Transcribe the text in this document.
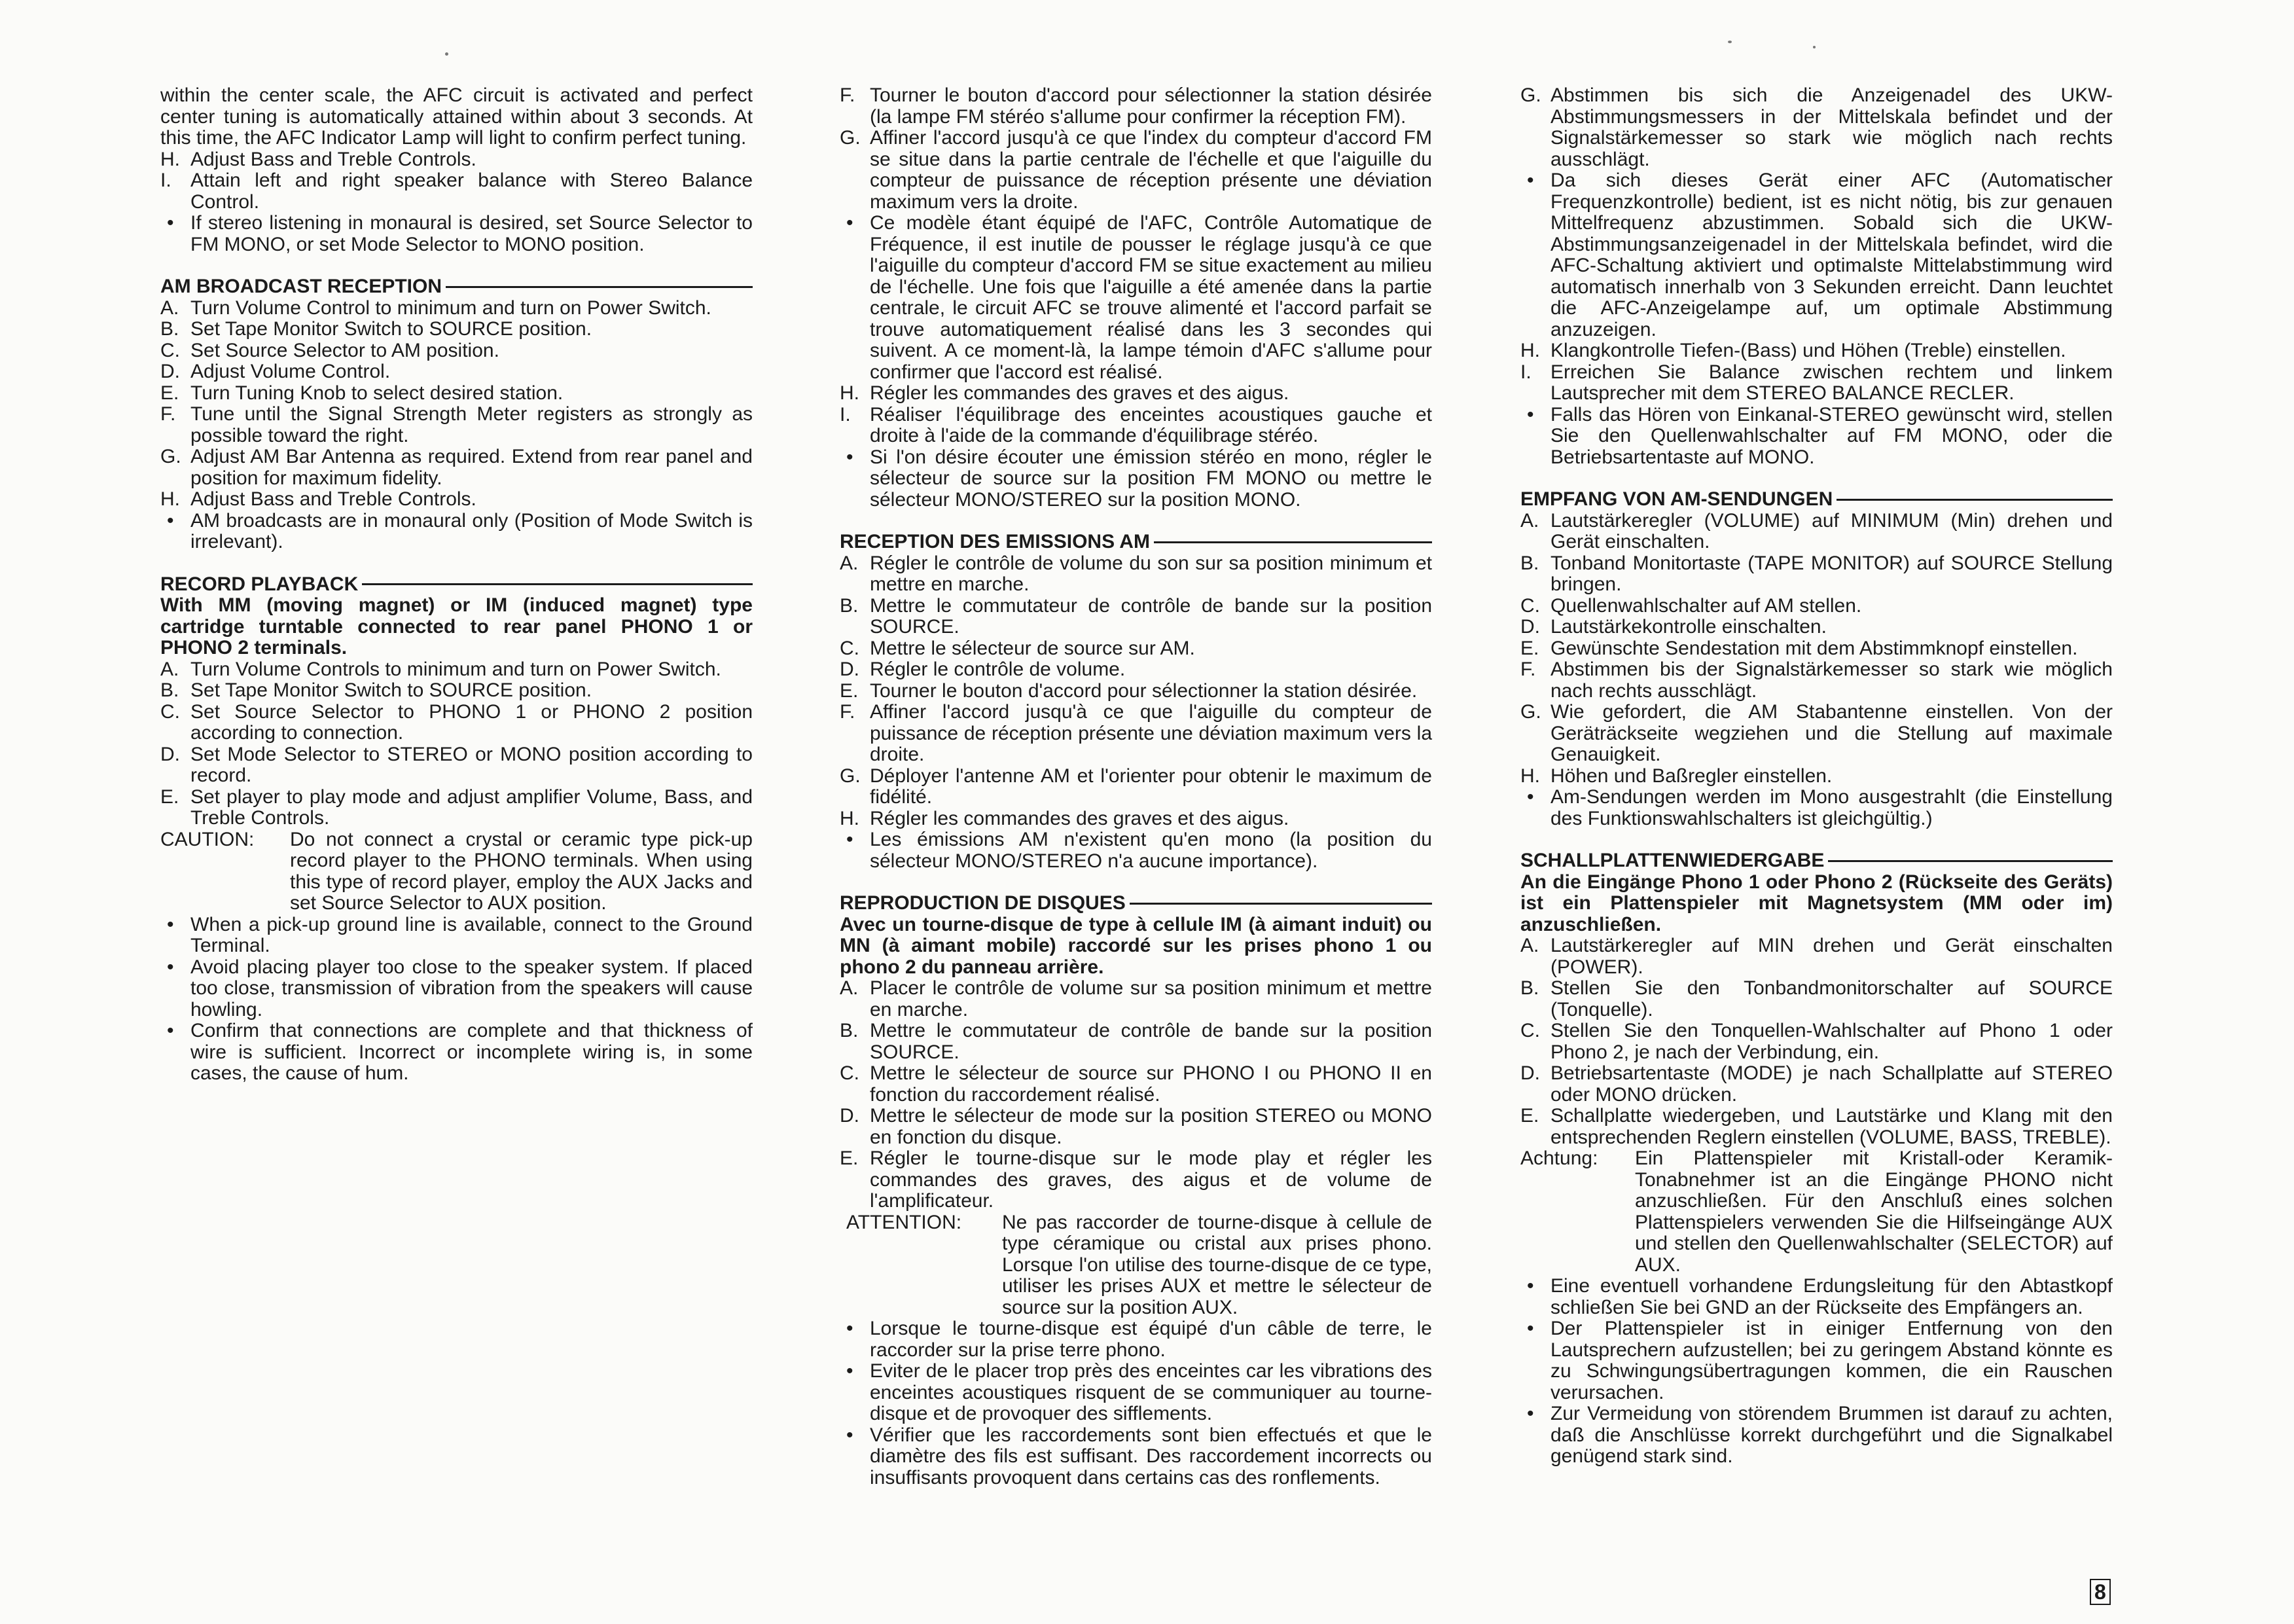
within the center scale, the AFC circuit is activated and perfect center tuning is automatically attained within about 3 seconds. At this time, the AFC Indicator Lamp will light to confirm perfect tuning.

H. Adjust Bass and Treble Controls.
I. Attain left and right speaker balance with Stereo Balance Control.
• If stereo listening in monaural is desired, set Source Selector to FM MONO, or set Mode Selector to MONO position.
AM BROADCAST RECEPTION
A. Turn Volume Control to minimum and turn on Power Switch.
B. Set Tape Monitor Switch to SOURCE position.
C. Set Source Selector to AM position.
D. Adjust Volume Control.
E. Turn Tuning Knob to select desired station.
F. Tune until the Signal Strength Meter registers as strongly as possible toward the right.
G. Adjust AM Bar Antenna as required. Extend from rear panel and position for maximum fidelity.
H. Adjust Bass and Treble Controls.
• AM broadcasts are in monaural only (Position of Mode Switch is irrelevant).
RECORD PLAYBACK

With MM (moving magnet) or IM (induced magnet) type cartridge turntable connected to rear panel PHONO 1 or PHONO 2 terminals.

A. Turn Volume Controls to minimum and turn on Power Switch.
B. Set Tape Monitor Switch to SOURCE position.
C. Set Source Selector to PHONO 1 or PHONO 2 position according to connection.
D. Set Mode Selector to STEREO or MONO position according to record.
E. Set player to play mode and adjust amplifier Volume, Bass, and Treble Controls.
CAUTION:	Do not connect a crystal or ceramic type pick-up record player to the PHONO terminals. When using this type of record player, employ the AUX Jacks and set Source Selector to AUX position.
• When a pick-up ground line is available, connect to the Ground Terminal.
• Avoid placing player too close to the speaker system. If placed too close, transmission of vibration from the speakers will cause howling.
• Confirm that connections are complete and that thickness of wire is sufficient. Incorrect or incomplete wiring is, in some cases, the cause of hum.
F. Tourner le bouton d'accord pour sélectionner la station désirée (la lampe FM stéréo s'allume pour confirmer la réception FM).
G. Affiner l'accord jusqu'à ce que l'index du compteur d'accord FM se situe dans la partie centrale de l'échelle et que l'aiguille du compteur de puissance de réception présente une déviation maximum vers la droite.
• Ce modèle étant équipé de l'AFC, Contrôle Automatique de Fréquence, il est inutile de pousser le réglage jusqu'à ce que l'aiguille du compteur d'accord FM se situe exactement au milieu de l'échelle. Une fois que l'aiguille a été amenée dans la partie centrale, le circuit AFC se trouve alimenté et l'accord parfait se trouve automatiquement réalisé dans les 3 secondes qui suivent. A ce moment-là, la lampe témoin d'AFC s'allume pour confirmer que l'accord est réalisé.
H. Régler les commandes des graves et des aigus.
I. Réaliser l'équilibrage des enceintes acoustiques gauche et droite à l'aide de la commande d'équilibrage stéréo.
• Si l'on désire écouter une émission stéréo en mono, régler le sélecteur de source sur la position FM MONO ou mettre le sélecteur MONO/STEREO sur la position MONO.
RECEPTION DES EMISSIONS AM
A. Régler le contrôle de volume du son sur sa position minimum et mettre en marche.
B. Mettre le commutateur de contrôle de bande sur la position SOURCE.
C. Mettre le sélecteur de source sur AM.
D. Régler le contrôle de volume.
E. Tourner le bouton d'accord pour sélectionner la station désirée.
F. Affiner l'accord jusqu'à ce que l'aiguille du compteur de puissance de réception présente une déviation maximum vers la droite.
G. Déployer l'antenne AM et l'orienter pour obtenir le maximum de fidélité.
H. Régler les commandes des graves et des aigus.
• Les émissions AM n'existent qu'en mono (la position du sélecteur MONO/STEREO n'a aucune importance).
REPRODUCTION DE DISQUES

Avec un tourne-disque de type à cellule IM (à aimant induit) ou MN (à aimant mobile) raccordé sur les prises phono 1 ou phono 2 du panneau arrière.

A. Placer le contrôle de volume sur sa position minimum et mettre en marche.
B. Mettre le commutateur de contrôle de bande sur la position SOURCE.
C. Mettre le sélecteur de source sur PHONO I ou PHONO II en fonction du raccordement réalisé.
D. Mettre le sélecteur de mode sur la position STEREO ou MONO en fonction du disque.
E. Régler le tourne-disque sur le mode play et régler les commandes des graves, des aigus et de volume de l'amplificateur.
ATTENTION:	Ne pas raccorder de tourne-disque à cellule de type céramique ou cristal aux prises phono. Lorsque l'on utilise des tourne-disque de ce type, utiliser les prises AUX et mettre le sélecteur de source sur la position AUX.
• Lorsque le tourne-disque est équipé d'un câble de terre, le raccorder sur la prise terre phono.
• Eviter de le placer trop près des enceintes car les vibrations des enceintes acoustiques risquent de se communiquer au tourne-disque et de provoquer des sifflements.
• Vérifier que les raccordements sont bien effectués et que le diamètre des fils est suffisant. Des raccordement incorrects ou insuffisants provoquent dans certains cas des ronflements.
G. Abstimmen bis sich die Anzeigenadel des UKW-Abstimmungsmessers in der Mittelskala befindet und der Signalstärkemesser so stark wie möglich nach rechts ausschlägt.
• Da sich dieses Gerät einer AFC (Automatischer Frequenzkontrolle) bedient, ist es nicht nötig, bis zur genauen Mittelfrequenz abzustimmen. Sobald sich die UKW-Abstimmungsanzeigenadel in der Mittelskala befindet, wird die AFC-Schaltung aktiviert und optimalste Mittelabstimmung wird automatisch innerhalb von 3 Sekunden erreicht. Dann leuchtet die AFC-Anzeigelampe auf, um optimale Abstimmung anzuzeigen.
H. Klangkontrolle Tiefen-(Bass) und Höhen (Treble) einstellen.
I. Erreichen Sie Balance zwischen rechtem und linkem Lautsprecher mit dem STEREO BALANCE RECLER.
• Falls das Hören von Einkanal-STEREO gewünscht wird, stellen Sie den Quellenwahlschalter auf FM MONO, oder die Betriebsartentaste auf MONO.
EMPFANG VON AM-SENDUNGEN
A. Lautstärkeregler (VOLUME) auf MINIMUM (Min) drehen und Gerät einschalten.
B. Tonband Monitortaste (TAPE MONITOR) auf SOURCE Stellung bringen.
C. Quellenwahlschalter auf AM stellen.
D. Lautstärkekontrolle einschalten.
E. Gewünschte Sendestation mit dem Abstimmknopf einstellen.
F. Abstimmen bis der Signalstärkemesser so stark wie möglich nach rechts ausschlägt.
G. Wie gefordert, die AM Stabantenne einstellen. Von der Geräträckseite wegziehen und die Stellung auf maximale Genauigkeit.
H. Höhen und Baßregler einstellen.
• Am-Sendungen werden im Mono ausgestrahlt (die Einstellung des Funktionswahlschalters ist gleichgültig.)
SCHALLPLATTENWIEDERGABE

An die Eingänge Phono 1 oder Phono 2 (Rückseite des Geräts) ist ein Plattenspieler mit Magnetsystem (MM oder im) anzuschließen.

A. Lautstärkeregler auf MIN drehen und Gerät einschalten (POWER).
B. Stellen Sie den Tonbandmonitorschalter auf SOURCE (Tonquelle).
C. Stellen Sie den Tonquellen-Wahlschalter auf Phono 1 oder Phono 2, je nach der Verbindung, ein.
D. Betriebsartentaste (MODE) je nach Schallplatte auf STEREO oder MONO drücken.
E. Schallplatte wiedergeben, und Lautstärke und Klang mit den entsprechenden Reglern einstellen (VOLUME, BASS, TREBLE).
Achtung:	Ein Plattenspieler mit Kristall-oder Keramik-Tonabnehmer ist an die Eingänge PHONO nicht anzuschließen. Für den Anschluß eines solchen Plattenspielers verwenden Sie die Hilfseingänge AUX und stellen den Quellenwahlschalter (SELECTOR) auf AUX.
• Eine eventuell vorhandene Erdungsleitung für den Abtastkopf schließen Sie bei GND an der Rückseite des Empfängers an.
• Der Plattenspieler ist in einiger Entfernung von den Lautsprechern aufzustellen; bei zu geringem Abstand könnte es zu Schwingungsübertragungen kommen, die ein Rauschen verursachen.
• Zur Vermeidung von störendem Brummen ist darauf zu achten, daß die Anschlüsse korrekt durchgeführt und die Signalkabel genügend stark sind.
8
